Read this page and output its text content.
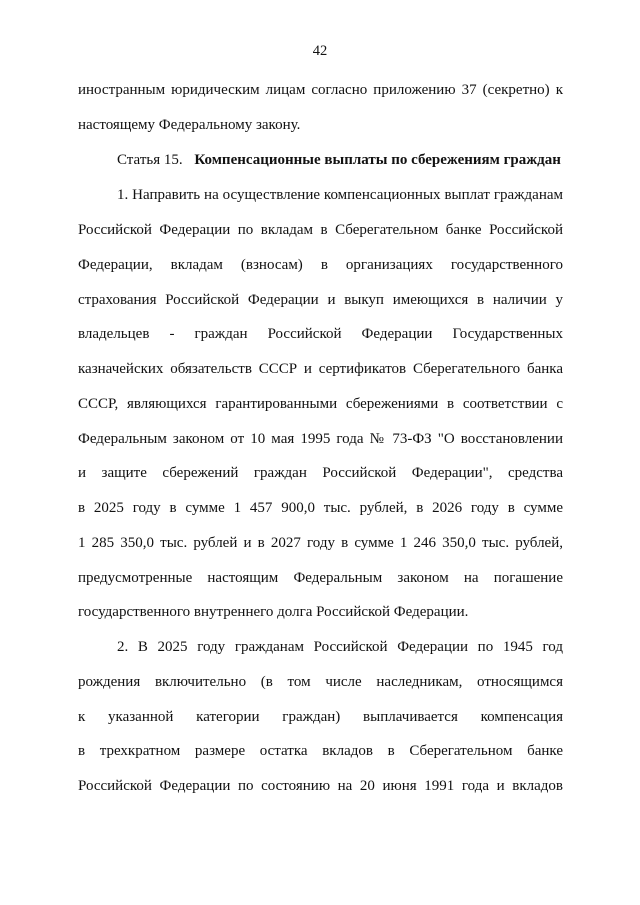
42
иностранным юридическим лицам согласно приложению 37 (секретно) к
настоящему Федеральному закону.
Статья 15. Компенсационные выплаты по сбережениям граждан
1. Направить на осуществление компенсационных выплат гражданам
Российской Федерации по вкладам в Сберегательном банке Российской
Федерации, вкладам (взносам) в организациях государственного
страхования Российской Федерации и выкуп имеющихся в наличии у
владельцев - граждан Российской Федерации Государственных
казначейских обязательств СССР и сертификатов Сберегательного банка
СССР, являющихся гарантированными сбережениями в соответствии с
Федеральным законом от 10 мая 1995 года № 73-ФЗ "О восстановлении
и защите сбережений граждан Российской Федерации", средства
в 2025 году в сумме 1 457 900,0 тыс. рублей, в 2026 году в сумме
1 285 350,0 тыс. рублей и в 2027 году в сумме 1 246 350,0 тыс. рублей,
предусмотренные настоящим Федеральным законом на погашение
государственного внутреннего долга Российской Федерации.
2. В 2025 году гражданам Российской Федерации по 1945 год
рождения включительно (в том числе наследникам, относящимся
к указанной категории граждан) выплачивается компенсация
в трехкратном размере остатка вкладов в Сберегательном банке
Российской Федерации по состоянию на 20 июня 1991 года и вкладов
